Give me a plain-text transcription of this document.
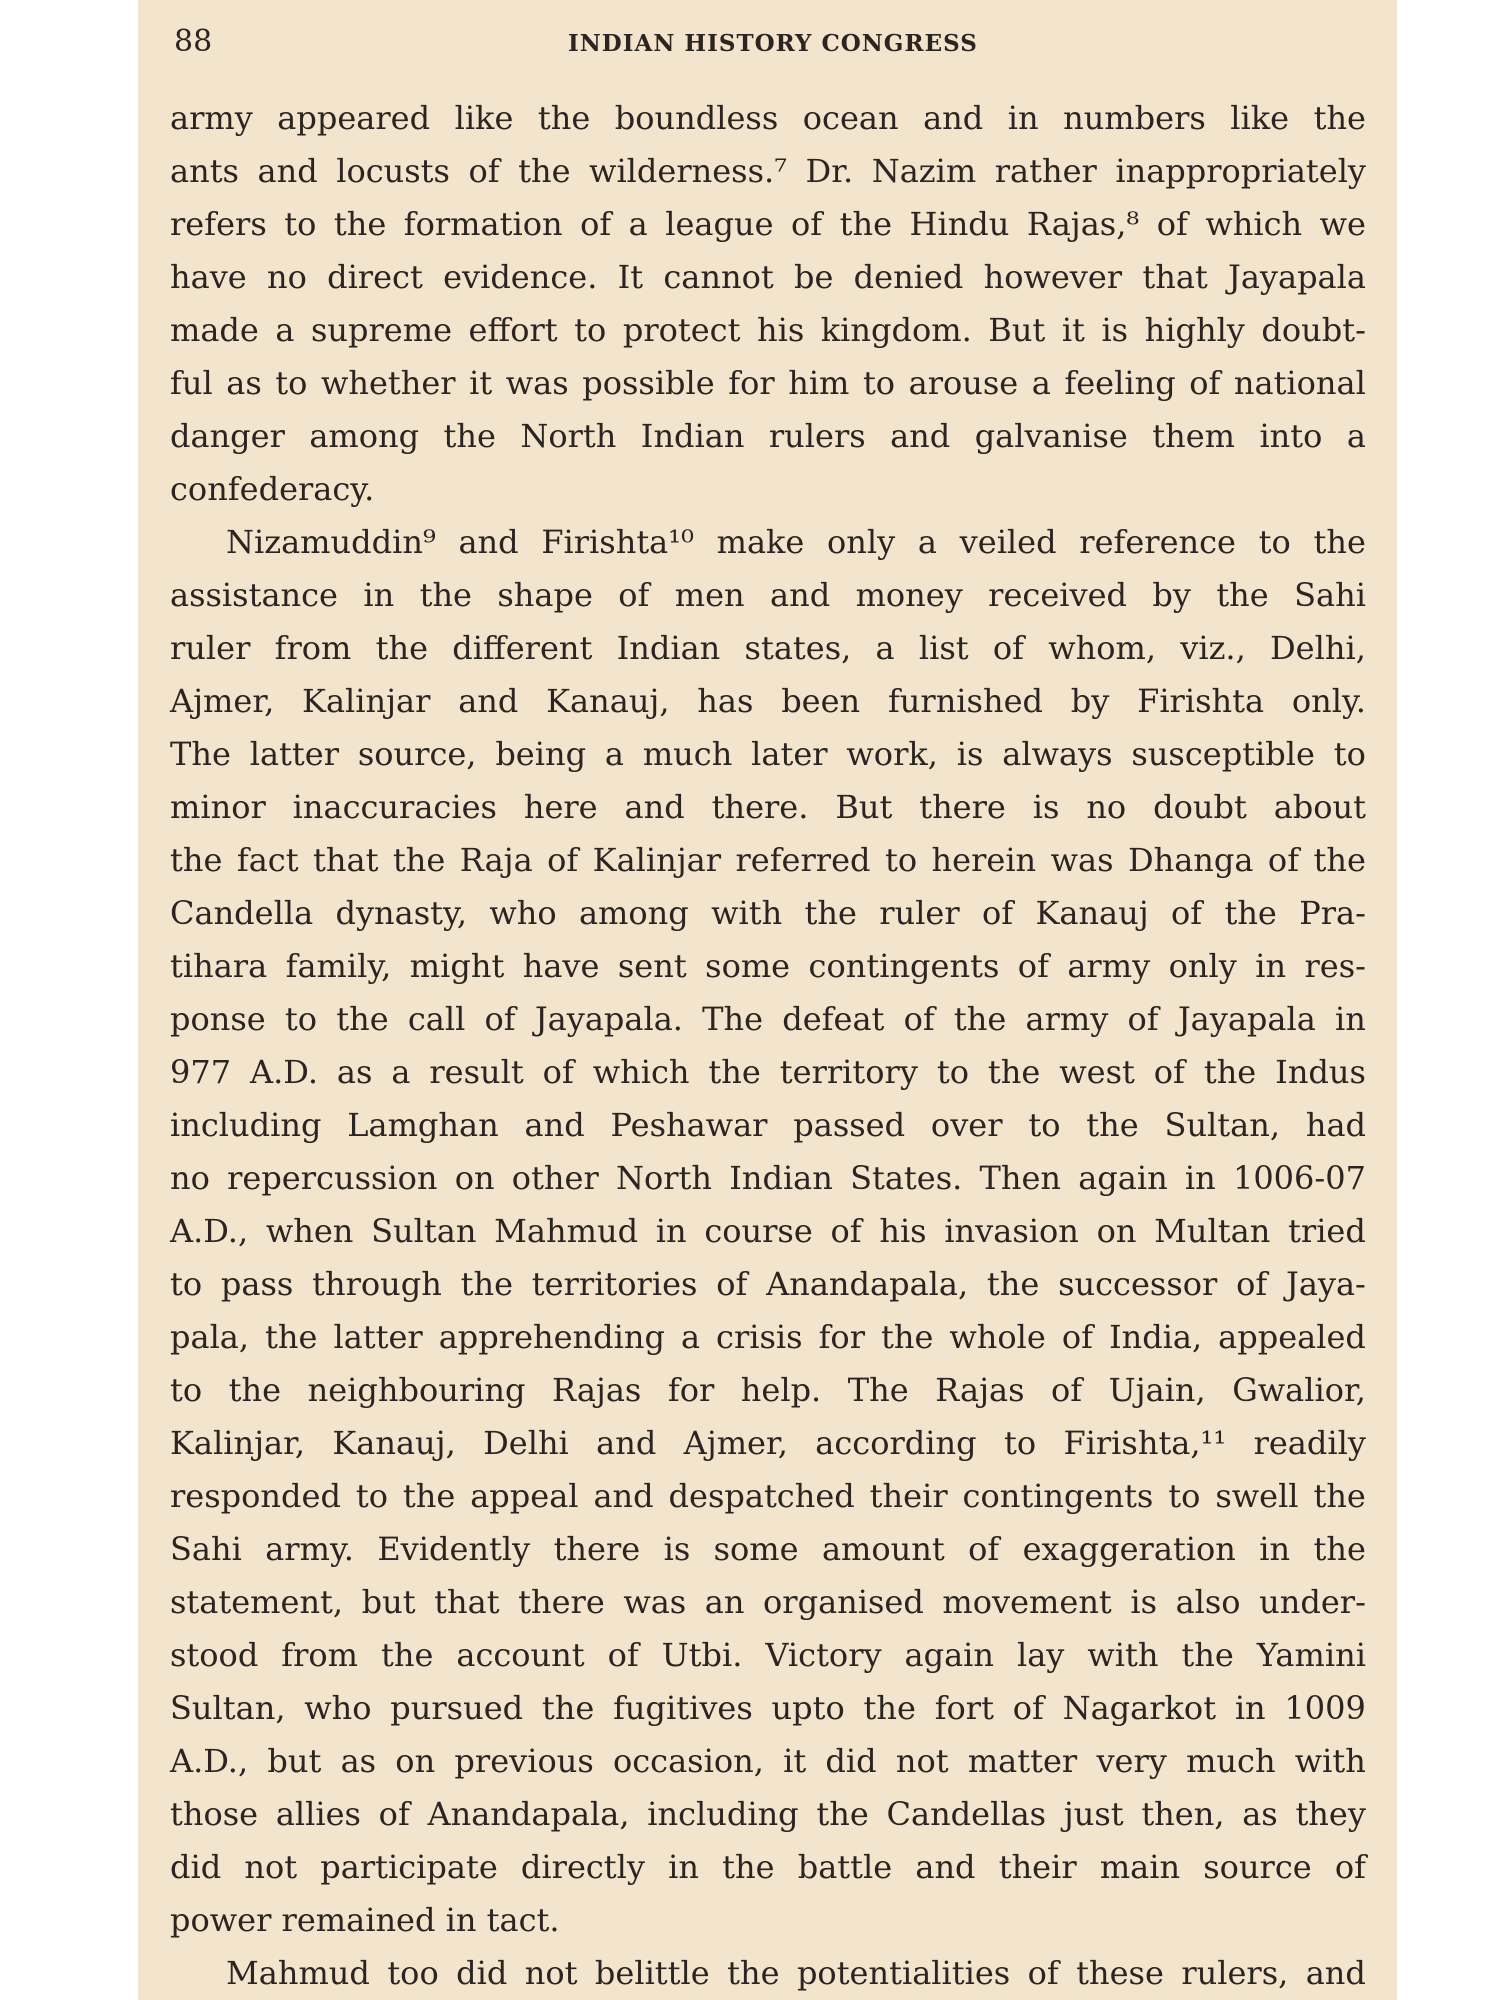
88	INDIAN HISTORY CONGRESS
army appeared like the boundless ocean and in numbers like the
ants and locusts of the wilderness.⁷ Dr. Nazim rather inappropriately
refers to the formation of a league of the Hindu Rajas,⁸ of which we
have no direct evidence. It cannot be denied however that Jayapala
made a supreme effort to protect his kingdom. But it is highly doubt-
ful as to whether it was possible for him to arouse a feeling of national
danger among the North Indian rulers and galvanise them into a
confederacy.
Nizamuddin⁹ and Firishta¹⁰ make only a veiled reference to the
assistance in the shape of men and money received by the Sahi
ruler from the different Indian states, a list of whom, viz., Delhi,
Ajmer, Kalinjar and Kanauj, has been furnished by Firishta only.
The latter source, being a much later work, is always susceptible to
minor inaccuracies here and there. But there is no doubt about
the fact that the Raja of Kalinjar referred to herein was Dhanga of the
Candella dynasty, who among with the ruler of Kanauj of the Pra-
tihara family, might have sent some contingents of army only in res-
ponse to the call of Jayapala. The defeat of the army of Jayapala in
977 A.D. as a result of which the territory to the west of the Indus
including Lamghan and Peshawar passed over to the Sultan, had
no repercussion on other North Indian States. Then again in 1006-07
A.D., when Sultan Mahmud in course of his invasion on Multan tried
to pass through the territories of Anandapala, the successor of Jaya-
pala, the latter apprehending a crisis for the whole of India, appealed
to the neighbouring Rajas for help. The Rajas of Ujain, Gwalior,
Kalinjar, Kanauj, Delhi and Ajmer, according to Firishta,¹¹ readily
responded to the appeal and despatched their contingents to swell the
Sahi army. Evidently there is some amount of exaggeration in the
statement, but that there was an organised movement is also under-
stood from the account of Utbi. Victory again lay with the Yamini
Sultan, who pursued the fugitives upto the fort of Nagarkot in 1009
A.D., but as on previous occasion, it did not matter very much with
those allies of Anandapala, including the Candellas just then, as they
did not participate directly in the battle and their main source of
power remained in tact.
Mahmud too did not belittle the potentialities of these rulers, and
